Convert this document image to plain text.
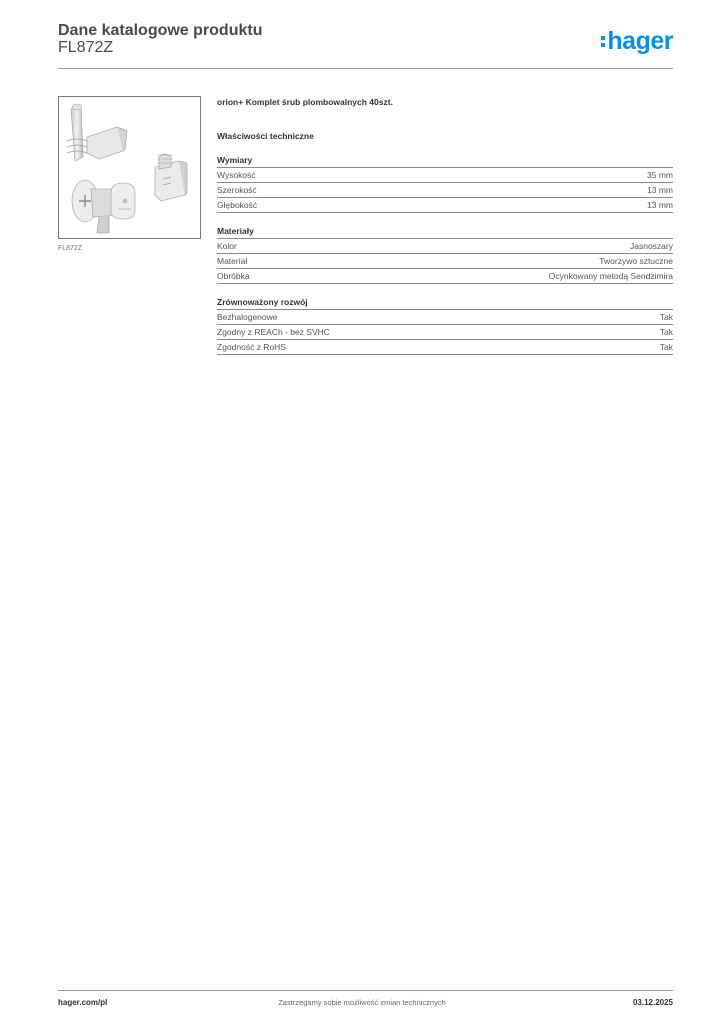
Dane katalogowe produktu
FL872Z	hager
FL872Z
orion+ Komplet śrub plombowalnych 40szt.
Właściwości techniczne
Wymiary
Wysokość	35 mm
Szerokość	13 mm
Głębokość	13 mm
Materiały
Kolor	Jasnoszary
Materiał	Tworzywo sztuczne
Obróbka	Ocynkowany metodą Sendzimira
Zrównoważony rozwój
Bezhalogenowe	Tak
Zgodny z REACh - bez SVHC	Tak
Zgodność z RoHS	Tak
hager.com/pl	Zastrzegamy sobie możliwość zmian technicznych	03.12.2025
